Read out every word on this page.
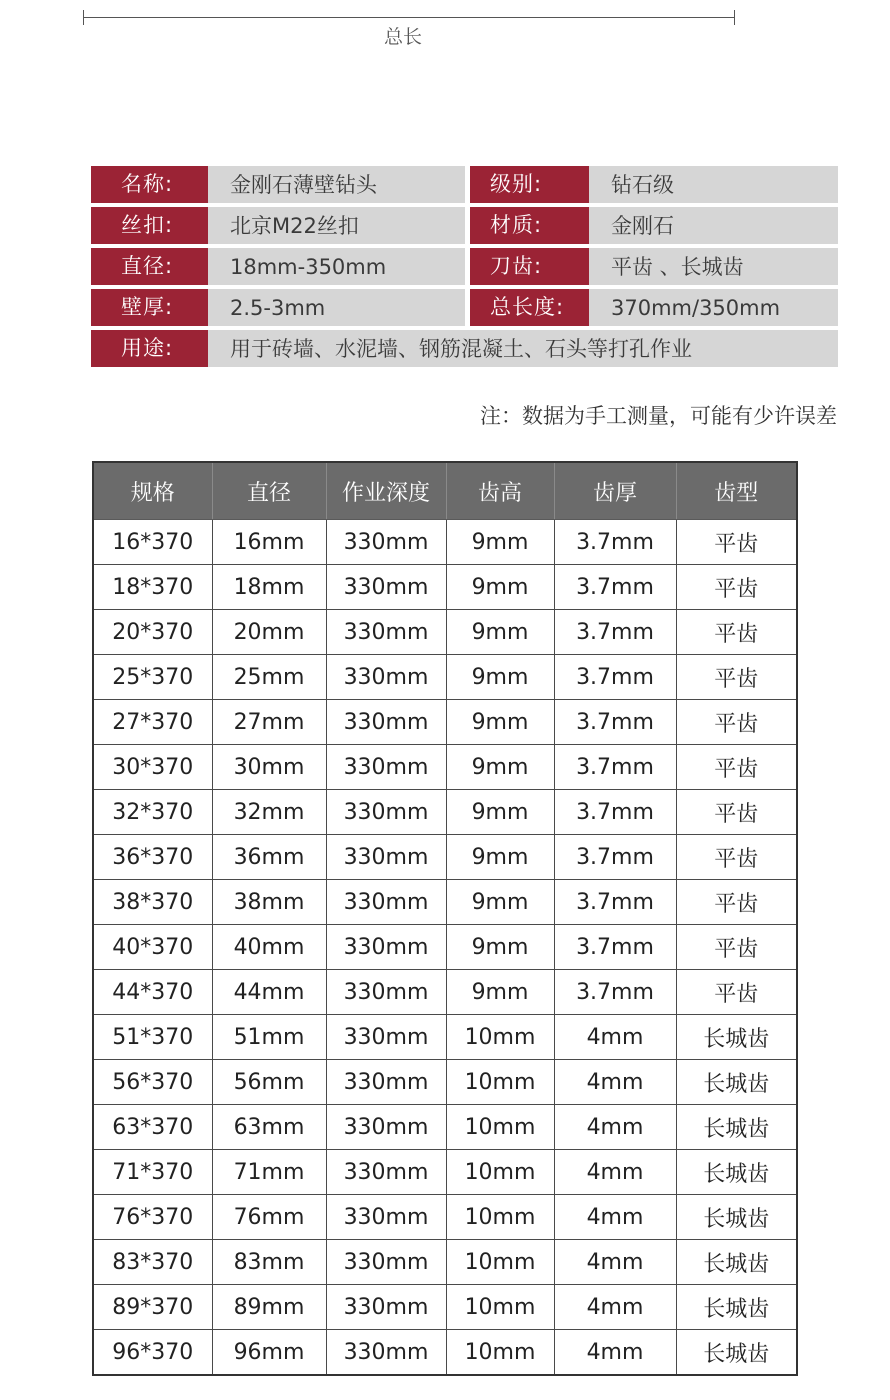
总长
名称:	金刚石薄壁钻头	级别:	钻石级
丝扣:	北京M22丝扣	材质:	金刚石
直径:	18mm-350mm	刀齿:	平齿 、长城齿
壁厚:	2.5-3mm	总长度:	370mm/350mm
用途:	用于砖墙、水泥墙、钢筋混凝土、石头等打孔作业
注：数据为手工测量，可能有少许误差
规格	直径	作业深度	齿高	齿厚	齿型
16*370	16mm	330mm	9mm	3.7mm	平齿
18*370	18mm	330mm	9mm	3.7mm	平齿
20*370	20mm	330mm	9mm	3.7mm	平齿
25*370	25mm	330mm	9mm	3.7mm	平齿
27*370	27mm	330mm	9mm	3.7mm	平齿
30*370	30mm	330mm	9mm	3.7mm	平齿
32*370	32mm	330mm	9mm	3.7mm	平齿
36*370	36mm	330mm	9mm	3.7mm	平齿
38*370	38mm	330mm	9mm	3.7mm	平齿
40*370	40mm	330mm	9mm	3.7mm	平齿
44*370	44mm	330mm	9mm	3.7mm	平齿
51*370	51mm	330mm	10mm	4mm	长城齿
56*370	56mm	330mm	10mm	4mm	长城齿
63*370	63mm	330mm	10mm	4mm	长城齿
71*370	71mm	330mm	10mm	4mm	长城齿
76*370	76mm	330mm	10mm	4mm	长城齿
83*370	83mm	330mm	10mm	4mm	长城齿
89*370	89mm	330mm	10mm	4mm	长城齿
96*370	96mm	330mm	10mm	4mm	长城齿
